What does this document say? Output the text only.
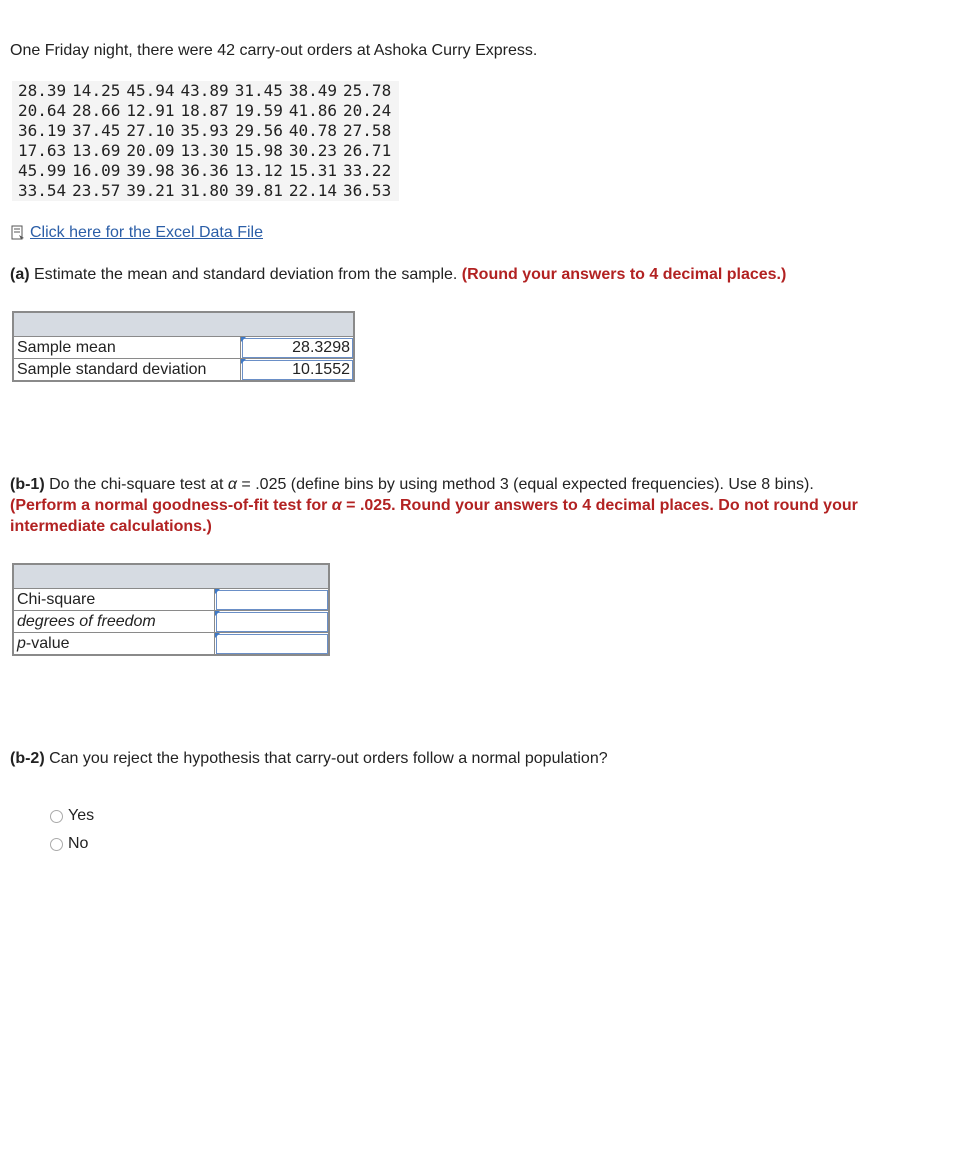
One Friday night, there were 42 carry-out orders at Ashoka Curry Express.

28.39	14.25	45.94	43.89	31.45	38.49	25.78
20.64	28.66	12.91	18.87	19.59	41.86	20.24
36.19	37.45	27.10	35.93	29.56	40.78	27.58
17.63	13.69	20.09	13.30	15.98	30.23	26.71
45.99	16.09	39.98	36.36	13.12	15.31	33.22
33.54	23.57	39.21	31.80	39.81	22.14	36.53
Click here for the Excel Data File

(a) Estimate the mean and standard deviation from the sample. (Round your answers to 4 decimal places.)

Sample mean	28.3298
Sample standard deviation	10.1552

(b-1) Do the chi-square test at α = .025 (define bins by using method 3 (equal expected frequencies). Use 8 bins).
(Perform a normal goodness-of-fit test for α = .025. Round your answers to 4 decimal places. Do not round your intermediate calculations.)

Chi-square	

degrees of freedom	

p-value	

(b-2) Can you reject the hypothesis that carry-out orders follow a normal population?

Yes
No
